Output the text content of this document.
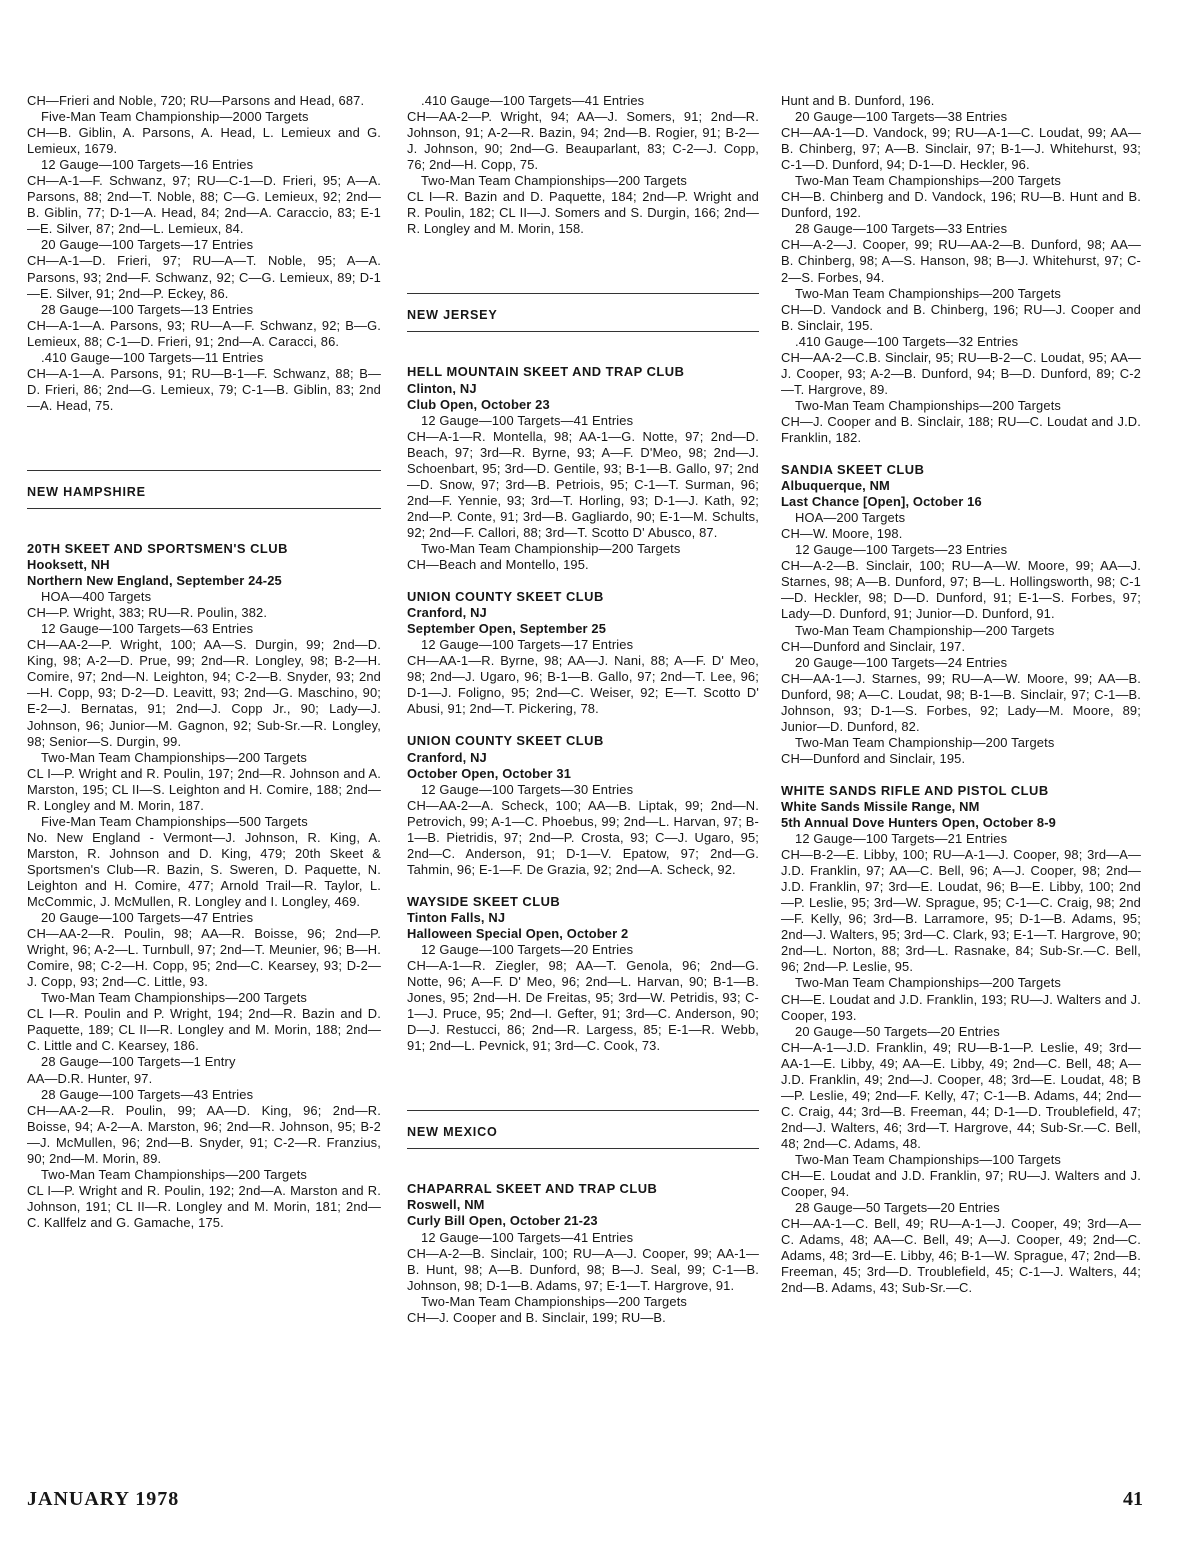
CH—Frieri and Noble, 720; RU—Parsons and Head, 687.
Five-Man Team Championship—2000 Targets
CH—B. Giblin, A. Parsons, A. Head, L. Lemieux and G. Lemieux, 1679.
12 Gauge—100 Targets—16 Entries
CH—A-1—F. Schwanz, 97; RU—C-1—D. Frieri, 95; A—A. Parsons, 88; 2nd—T. Noble, 88; C—G. Lemieux, 92; 2nd—B. Giblin, 77; D-1—A. Head, 84; 2nd—A. Caraccio, 83; E-1—E. Silver, 87; 2nd—L. Lemieux, 84.
20 Gauge—100 Targets—17 Entries
CH—A-1—D. Frieri, 97; RU—A—T. Noble, 95; A—A. Parsons, 93; 2nd—F. Schwanz, 92; C—G. Lemieux, 89; D-1—E. Silver, 91; 2nd—P. Eckey, 86.
28 Gauge—100 Targets—13 Entries
CH—A-1—A. Parsons, 93; RU—A—F. Schwanz, 92; B—G. Lemieux, 88; C-1—D. Frieri, 91; 2nd—A. Caracci, 86.
.410 Gauge—100 Targets—11 Entries
CH—A-1—A. Parsons, 91; RU—B-1—F. Schwanz, 88; B—D. Frieri, 86; 2nd—G. Lemieux, 79; C-1—B. Giblin, 83; 2nd—A. Head, 75.
NEW HAMPSHIRE
20TH SKEET AND SPORTSMEN'S CLUB
Hooksett, NH
Northern New England, September 24-25
HOA—400 Targets
CH—P. Wright, 383; RU—R. Poulin, 382.
12 Gauge—100 Targets—63 Entries
CH—AA-2—P. Wright, 100; AA—S. Durgin, 99; 2nd—D. King, 98; A-2—D. Prue, 99; 2nd—R. Longley, 98; B-2—H. Comire, 97; 2nd—N. Leighton, 94; C-2—B. Snyder, 93; 2nd—H. Copp, 93; D-2—D. Leavitt, 93; 2nd—G. Maschino, 90; E-2—J. Bernatas, 91; 2nd—J. Copp Jr., 90; Lady—J. Johnson, 96; Junior—M. Gagnon, 92; Sub-Sr.—R. Longley, 98; Senior—S. Durgin, 99.
Two-Man Team Championships—200 Targets
CL I—P. Wright and R. Poulin, 197; 2nd—R. Johnson and A. Marston, 195; CL II—S. Leighton and H. Comire, 188; 2nd—R. Longley and M. Morin, 187.
Five-Man Team Championships—500 Targets
No. New England - Vermont—J. Johnson, R. King, A. Marston, R. Johnson and D. King, 479; 20th Skeet & Sportsmen's Club—R. Bazin, S. Sweren, D. Paquette, N. Leighton and H. Comire, 477; Arnold Trail—R. Taylor, L. McCommic, J. McMullen, R. Longley and I. Longley, 469.
20 Gauge—100 Targets—47 Entries
CH—AA-2—R. Poulin, 98; AA—R. Boisse, 96; 2nd—P. Wright, 96; A-2—L. Turnbull, 97; 2nd—T. Meunier, 96; B—H. Comire, 98; C-2—H. Copp, 95; 2nd—C. Kearsey, 93; D-2—J. Copp, 93; 2nd—C. Little, 93.
Two-Man Team Championships—200 Targets
CL I—R. Poulin and P. Wright, 194; 2nd—R. Bazin and D. Paquette, 189; CL II—R. Longley and M. Morin, 188; 2nd—C. Little and C. Kearsey, 186.
28 Gauge—100 Targets—1 Entry
AA—D.R. Hunter, 97.
28 Gauge—100 Targets—43 Entries
CH—AA-2—R. Poulin, 99; AA—D. King, 96; 2nd—R. Boisse, 94; A-2—A. Marston, 96; 2nd—R. Johnson, 95; B-2—J. McMullen, 96; 2nd—B. Snyder, 91; C-2—R. Franzius, 90; 2nd—M. Morin, 89.
Two-Man Team Championships—200 Targets
CL I—P. Wright and R. Poulin, 192; 2nd—A. Marston and R. Johnson, 191; CL II—R. Longley and M. Morin, 181; 2nd—C. Kallfelz and G. Gamache, 175.
.410 Gauge—100 Targets—41 Entries
CH—AA-2—P. Wright, 94; AA—J. Somers, 91; 2nd—R. Johnson, 91; A-2—R. Bazin, 94; 2nd—B. Rogier, 91; B-2—J. Johnson, 90; 2nd—G. Beauparlant, 83; C-2—J. Copp, 76; 2nd—H. Copp, 75.
Two-Man Team Championships—200 Targets
CL I—R. Bazin and D. Paquette, 184; 2nd—P. Wright and R. Poulin, 182; CL II—J. Somers and S. Durgin, 166; 2nd—R. Longley and M. Morin, 158.
NEW JERSEY
HELL MOUNTAIN SKEET AND TRAP CLUB
Clinton, NJ
Club Open, October 23
12 Gauge—100 Targets—41 Entries
CH—A-1—R. Montella, 98; AA-1—G. Notte, 97; 2nd—D. Beach, 97; 3rd—R. Byrne, 93; A—F. D'Meo, 98; 2nd—J. Schoenbart, 95; 3rd—D. Gentile, 93; B-1—B. Gallo, 97; 2nd—D. Snow, 97; 3rd—B. Petriois, 95; C-1—T. Surman, 96; 2nd—F. Yennie, 93; 3rd—T. Horling, 93; D-1—J. Kath, 92; 2nd—P. Conte, 91; 3rd—B. Gagliardo, 90; E-1—M. Schults, 92; 2nd—F. Callori, 88; 3rd—T. Scotto D' Abusco, 87.
Two-Man Team Championship—200 Targets
CH—Beach and Montello, 195.
UNION COUNTY SKEET CLUB
Cranford, NJ
September Open, September 25
12 Gauge—100 Targets—17 Entries
CH—AA-1—R. Byrne, 98; AA—J. Nani, 88; A—F. D' Meo, 98; 2nd—J. Ugaro, 96; B-1—B. Gallo, 97; 2nd—T. Lee, 96; D-1—J. Foligno, 95; 2nd—C. Weiser, 92; E—T. Scotto D' Abusi, 91; 2nd—T. Pickering, 78.
UNION COUNTY SKEET CLUB
Cranford, NJ
October Open, October 31
12 Gauge—100 Targets—30 Entries
CH—AA-2—A. Scheck, 100; AA—B. Liptak, 99; 2nd—N. Petrovich, 99; A-1—C. Phoebus, 99; 2nd—L. Harvan, 97; B-1—B. Pietridis, 97; 2nd—P. Crosta, 93; C—J. Ugaro, 95; 2nd—C. Anderson, 91; D-1—V. Epatow, 97; 2nd—G. Tahmin, 96; E-1—F. De Grazia, 92; 2nd—A. Scheck, 92.
WAYSIDE SKEET CLUB
Tinton Falls, NJ
Halloween Special Open, October 2
12 Gauge—100 Targets—20 Entries
CH—A-1—R. Ziegler, 98; AA—T. Genola, 96; 2nd—G. Notte, 96; A—F. D' Meo, 96; 2nd—L. Harvan, 90; B-1—B. Jones, 95; 2nd—H. De Freitas, 95; 3rd—W. Petridis, 93; C-1—J. Pruce, 95; 2nd—I. Gefter, 91; 3rd—C. Anderson, 90; D—J. Restucci, 86; 2nd—R. Largess, 85; E-1—R. Webb, 91; 2nd—L. Pevnick, 91; 3rd—C. Cook, 73.
NEW MEXICO
CHAPARRAL SKEET AND TRAP CLUB
Roswell, NM
Curly Bill Open, October 21-23
12 Gauge—100 Targets—41 Entries
CH—A-2—B. Sinclair, 100; RU—A—J. Cooper, 99; AA-1—B. Hunt, 98; A—B. Dunford, 98; B—J. Seal, 99; C-1—B. Johnson, 98; D-1—B. Adams, 97; E-1—T. Hargrove, 91.
Two-Man Team Championships—200 Targets
CH—J. Cooper and B. Sinclair, 199; RU—B.
Hunt and B. Dunford, 196.
20 Gauge—100 Targets—38 Entries
CH—AA-1—D. Vandock, 99; RU—A-1—C. Loudat, 99; AA—B. Chinberg, 97; A—B. Sinclair, 97; B-1—J. Whitehurst, 93; C-1—D. Dunford, 94; D-1—D. Heckler, 96.
Two-Man Team Championships—200 Targets
CH—B. Chinberg and D. Vandock, 196; RU—B. Hunt and B. Dunford, 192.
28 Gauge—100 Targets—33 Entries
CH—A-2—J. Cooper, 99; RU—AA-2—B. Dunford, 98; AA—B. Chinberg, 98; A—S. Hanson, 98; B—J. Whitehurst, 97; C-2—S. Forbes, 94.
Two-Man Team Championships—200 Targets
CH—D. Vandock and B. Chinberg, 196; RU—J. Cooper and B. Sinclair, 195.
.410 Gauge—100 Targets—32 Entries
CH—AA-2—C.B. Sinclair, 95; RU—B-2—C. Loudat, 95; AA—J. Cooper, 93; A-2—B. Dunford, 94; B—D. Dunford, 89; C-2—T. Hargrove, 89.
Two-Man Team Championships—200 Targets
CH—J. Cooper and B. Sinclair, 188; RU—C. Loudat and J.D. Franklin, 182.
SANDIA SKEET CLUB
Albuquerque, NM
Last Chance [Open], October 16
HOA—200 Targets
CH—W. Moore, 198.
12 Gauge—100 Targets—23 Entries
CH—A-2—B. Sinclair, 100; RU—A—W. Moore, 99; AA—J. Starnes, 98; A—B. Dunford, 97; B—L. Hollingsworth, 98; C-1—D. Heckler, 98; D—D. Dunford, 91; E-1—S. Forbes, 97; Lady—D. Dunford, 91; Junior—D. Dunford, 91.
Two-Man Team Championship—200 Targets
CH—Dunford and Sinclair, 197.
20 Gauge—100 Targets—24 Entries
CH—AA-1—J. Starnes, 99; RU—A—W. Moore, 99; AA—B. Dunford, 98; A—C. Loudat, 98; B-1—B. Sinclair, 97; C-1—B. Johnson, 93; D-1—S. Forbes, 92; Lady—M. Moore, 89; Junior—D. Dunford, 82.
Two-Man Team Championship—200 Targets
CH—Dunford and Sinclair, 195.
WHITE SANDS RIFLE AND PISTOL CLUB
White Sands Missile Range, NM
5th Annual Dove Hunters Open, October 8-9
12 Gauge—100 Targets—21 Entries
CH—B-2—E. Libby, 100; RU—A-1—J. Cooper, 98; 3rd—A—J.D. Franklin, 97; AA—C. Bell, 96; A—J. Cooper, 98; 2nd—J.D. Franklin, 97; 3rd—E. Loudat, 96; B—E. Libby, 100; 2nd—P. Leslie, 95; 3rd—W. Sprague, 95; C-1—C. Craig, 98; 2nd—F. Kelly, 96; 3rd—B. Larramore, 95; D-1—B. Adams, 95; 2nd—J. Walters, 95; 3rd—C. Clark, 93; E-1—T. Hargrove, 90; 2nd—L. Norton, 88; 3rd—L. Rasnake, 84; Sub-Sr.—C. Bell, 96; 2nd—P. Leslie, 95.
Two-Man Team Championships—200 Targets
CH—E. Loudat and J.D. Franklin, 193; RU—J. Walters and J. Cooper, 193.
20 Gauge—50 Targets—20 Entries
CH—A-1—J.D. Franklin, 49; RU—B-1—P. Leslie, 49; 3rd—AA-1—E. Libby, 49; AA—E. Libby, 49; 2nd—C. Bell, 48; A—J.D. Franklin, 49; 2nd—J. Cooper, 48; 3rd—E. Loudat, 48; B—P. Leslie, 49; 2nd—F. Kelly, 47; C-1—B. Adams, 44; 2nd—C. Craig, 44; 3rd—B. Freeman, 44; D-1—D. Troublefield, 47; 2nd—J. Walters, 46; 3rd—T. Hargrove, 44; Sub-Sr.—C. Bell, 48; 2nd—C. Adams, 48.
Two-Man Team Championships—100 Targets
CH—E. Loudat and J.D. Franklin, 97; RU—J. Walters and J. Cooper, 94.
28 Gauge—50 Targets—20 Entries
CH—AA-1—C. Bell, 49; RU—A-1—J. Cooper, 49; 3rd—A—C. Adams, 48; AA—C. Bell, 49; A—J. Cooper, 49; 2nd—C. Adams, 48; 3rd—E. Libby, 46; B-1—W. Sprague, 47; 2nd—B. Freeman, 45; 3rd—D. Troublefield, 45; C-1—J. Walters, 44; 2nd—B. Adams, 43; Sub-Sr.—C.
JANUARY 1978	41
